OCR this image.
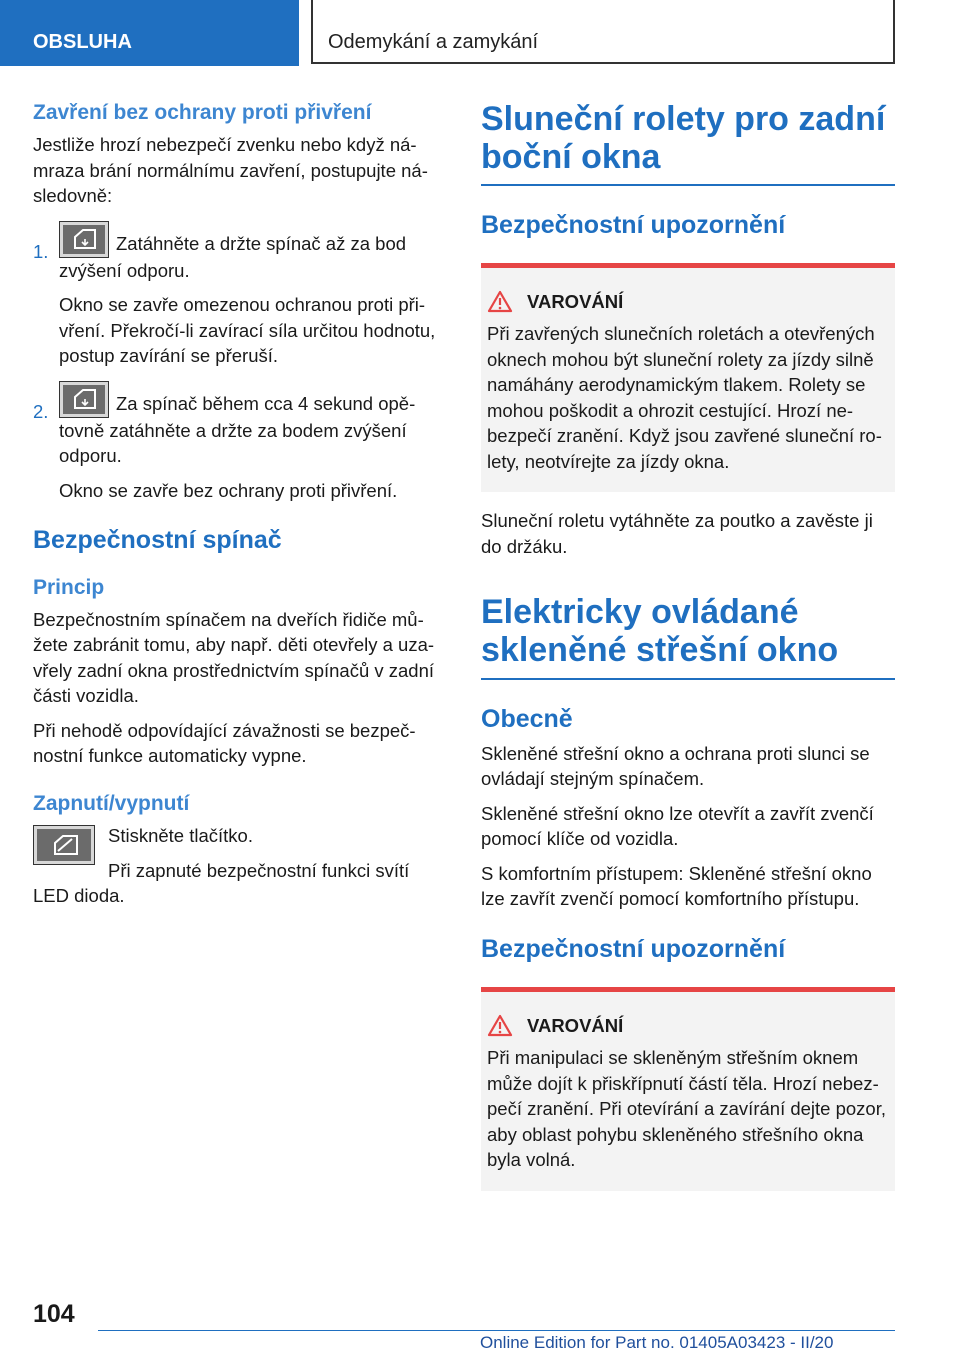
OBSLUHA	Odemykání a zamykání
Zavření bez ochrany proti přivření

Jestliže hrozí nebezpečí zvenku nebo když námraza brání normálnímu zavření, postupujte následovně:

1.	Zatáhněte a držte spínač až za bod zvýšení odporu.

Okno se zavře omezenou ochranou proti přivření. Překročí-li zavírací síla určitou hodnotu, postup zavírání se přeruší.

2.	Za spínač během cca 4 sekund opětovně zatáhněte a držte za bodem zvýšení odporu.

Okno se zavře bez ochrany proti přivření.

Bezpečnostní spínač
Princip

Bezpečnostním spínačem na dveřích řidiče můžete zabránit tomu, aby např. děti otevřely a uzavřely zadní okna prostřednictvím spínačů v zadní části vozidla.

Při nehodě odpovídající závažnosti se bezpečnostní funkce automaticky vypne.

Zapnutí/vypnutí

Stiskněte tlačítko.

Při zapnuté bezpečnostní funkci svítí LED dioda.

Sluneční rolety pro zadní boční okna
Bezpečnostní upozornění
VAROVÁNÍ

Při zavřených slunečních roletách a otevřených oknech mohou být sluneční rolety za jízdy silně namáhány aerodynamickým tlakem. Rolety se mohou poškodit a ohrozit cestující. Hrozí nebezpečí zranění. Když jsou zavřené sluneční rolety, neotvírejte za jízdy okna.

Sluneční roletu vytáhněte za poutko a zavěste ji do držáku.

Elektricky ovládané skleněné střešní okno
Obecně

Skleněné střešní okno a ochrana proti slunci se ovládají stejným spínačem.

Skleněné střešní okno lze otevřít a zavřít zvenčí pomocí klíče od vozidla.

S komfortním přístupem: Skleněné střešní okno lze zavřít zvenčí pomocí komfortního přístupu.

Bezpečnostní upozornění
VAROVÁNÍ

Při manipulaci se skleněným střešním oknem může dojít k přiskřípnutí částí těla. Hrozí nebezpečí zranění. Při otevírání a zavírání dejte pozor, aby oblast pohybu skleněného střešního okna byla volná.

104
Online Edition for Part no. 01405A03423 - II/20
